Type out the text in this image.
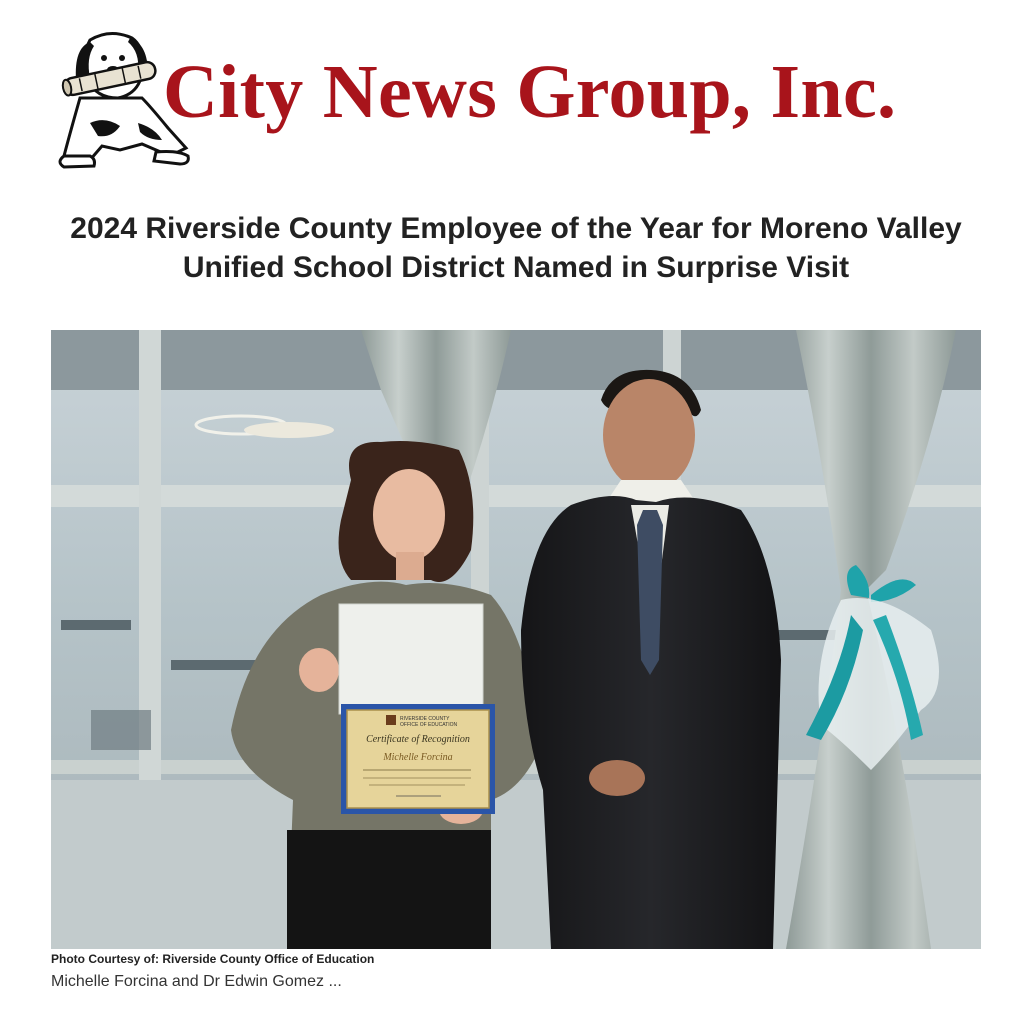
City News Group, Inc.
2024 Riverside County Employee of the Year for Moreno Valley Unified School District Named in Surprise Visit
RIVERSIDE COUNTY
OFFICE OF EDUCATION
Certificate of Recognition
Michelle Forcina
Photo Courtesy of: Riverside County Office of Education
Michelle Forcina and Dr Edwin Gomez ...
